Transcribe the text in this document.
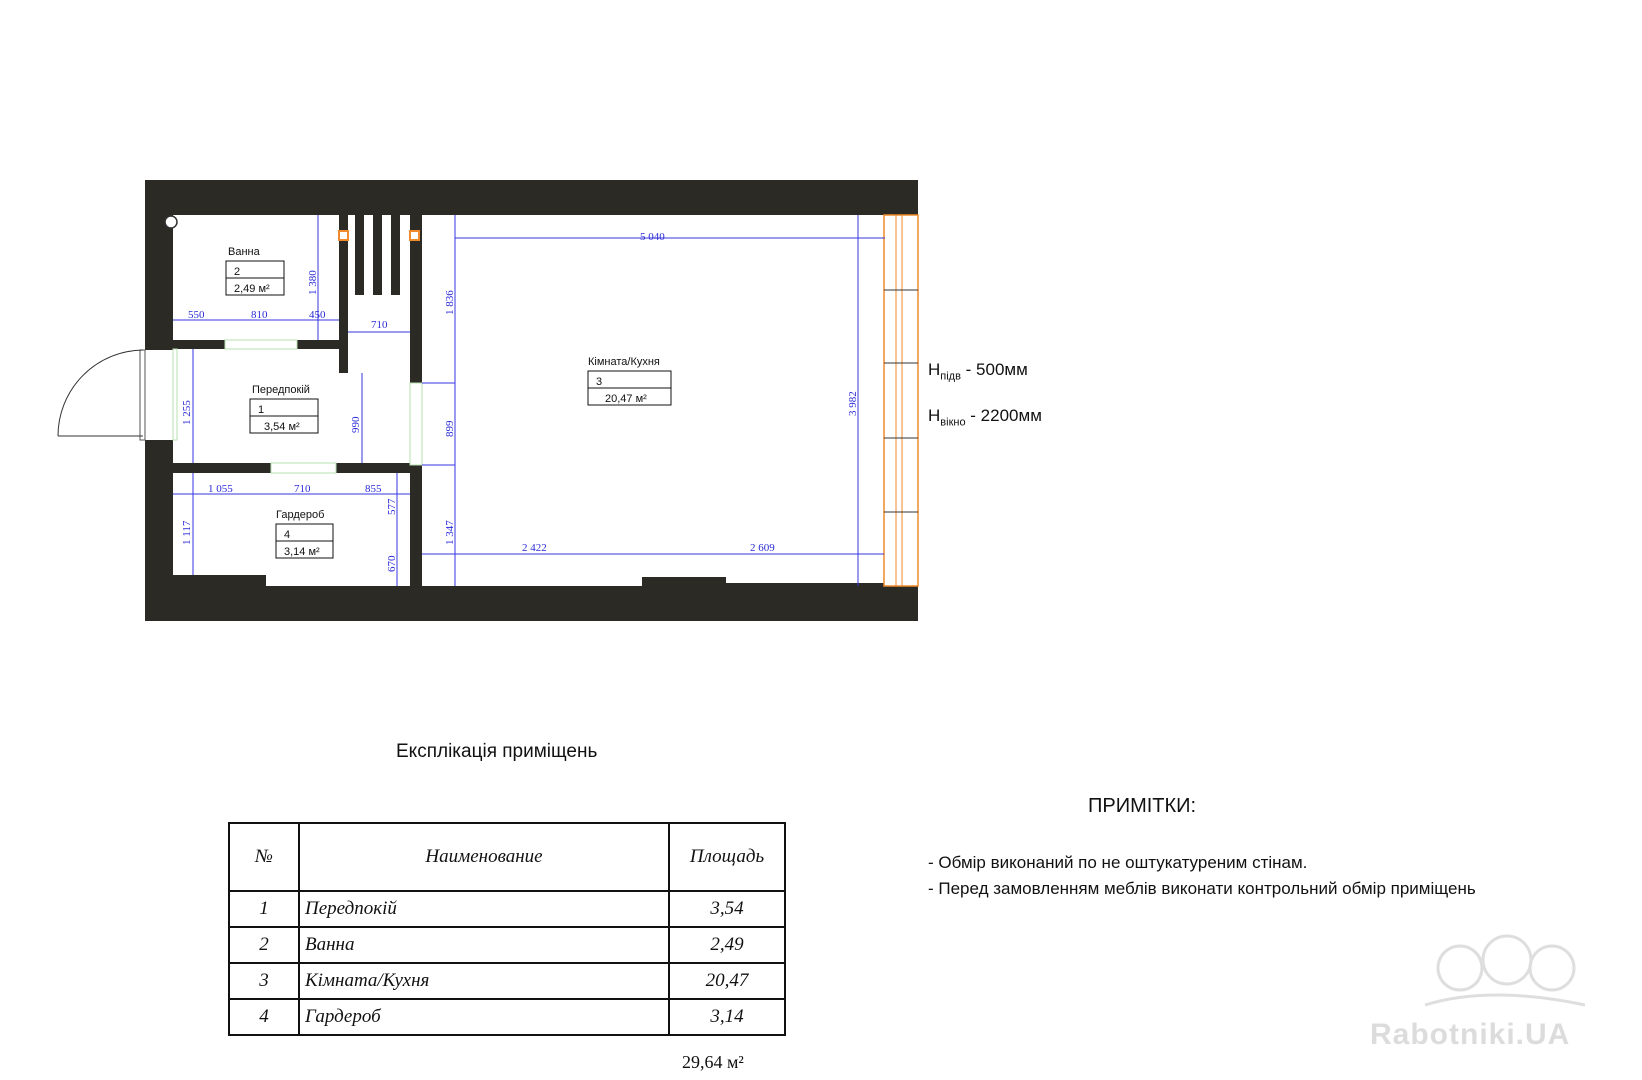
5 040
1 836
899
1 347
3 982
2 422	2 609
1 380
550	810	450
710
1 255	990
1 055	710	855
577
1 117
670
Ванна
2
2,49 м²
Передпокій
1
3,54 м²
Гардероб
4
3,14 м²
Кімната/Кухня
3
20,47 м²
$H_{підв} - 500мм$
$H_{вікно} - 2200мм$
Експлікація приміщень
№	Наименование	Площадь
1	Передпокій	3,54
2	Ванна	2,49
3	Кімната/Кухня	20,47
4	Гардероб	3,14
29,64 м²
ПРИМІТКИ:
- Обмір виконаний по не оштукатуреним стінам.
- Перед замовленням меблів виконати контрольний обмір приміщень
Rabotniki.UA
